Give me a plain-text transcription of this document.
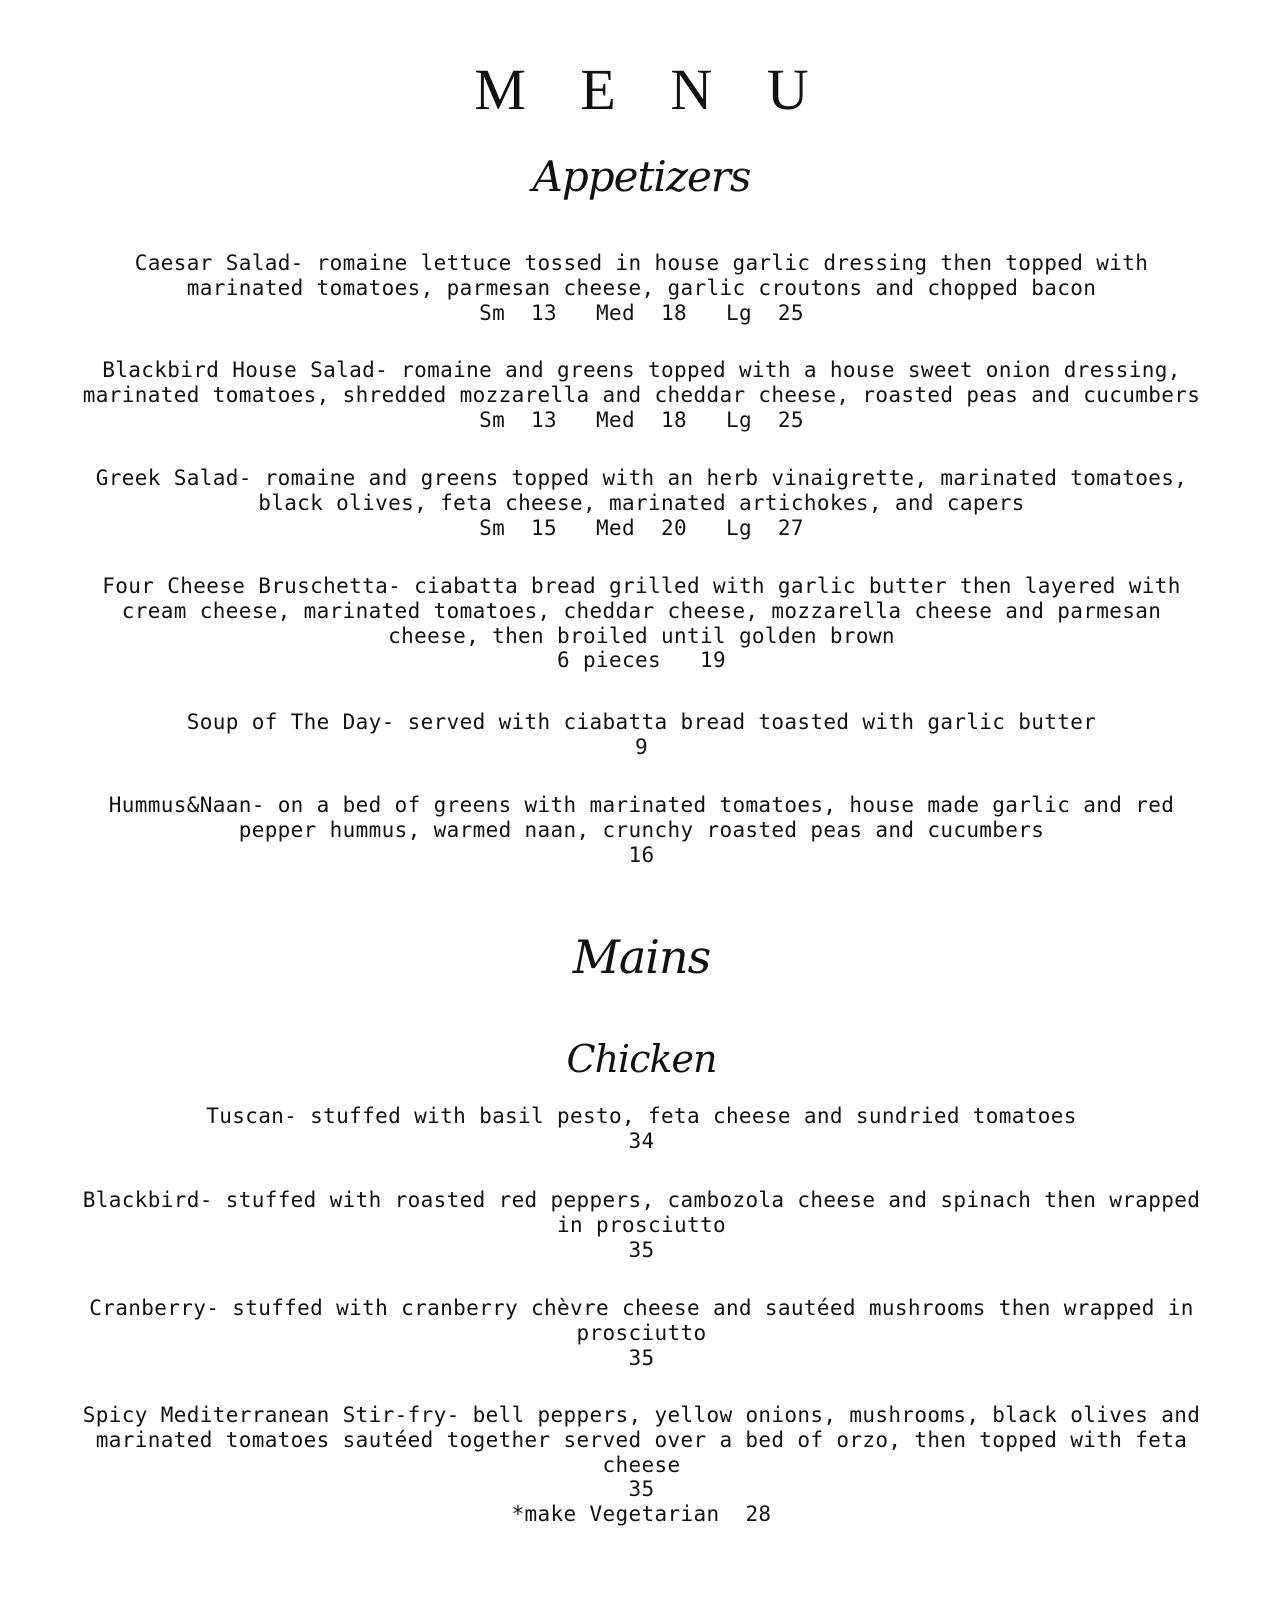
M E N U
Appetizers
Caesar Salad- romaine lettuce tossed in house garlic dressing then topped with
marinated tomatoes, parmesan cheese, garlic croutons and chopped bacon
Sm  13   Med  18   Lg  25
Blackbird House Salad- romaine and greens topped with a house sweet onion dressing,
marinated tomatoes, shredded mozzarella and cheddar cheese, roasted peas and cucumbers
Sm  13   Med  18   Lg  25
Greek Salad- romaine and greens topped with an herb vinaigrette, marinated tomatoes,
black olives, feta cheese, marinated artichokes, and capers
Sm  15   Med  20   Lg  27
Four Cheese Bruschetta- ciabatta bread grilled with garlic butter then layered with
cream cheese, marinated tomatoes, cheddar cheese, mozzarella cheese and parmesan
cheese, then broiled until golden brown
6 pieces   19
Soup of The Day- served with ciabatta bread toasted with garlic butter
9
Hummus&Naan- on a bed of greens with marinated tomatoes, house made garlic and red
pepper hummus, warmed naan, crunchy roasted peas and cucumbers
16
Mains
Chicken
Tuscan- stuffed with basil pesto, feta cheese and sundried tomatoes
34
Blackbird- stuffed with roasted red peppers, cambozola cheese and spinach then wrapped
in prosciutto
35
Cranberry- stuffed with cranberry chèvre cheese and sautéed mushrooms then wrapped in
prosciutto
35
Spicy Mediterranean Stir-fry- bell peppers, yellow onions, mushrooms, black olives and
marinated tomatoes sautéed together served over a bed of orzo, then topped with feta
cheese
35
*make Vegetarian  28
